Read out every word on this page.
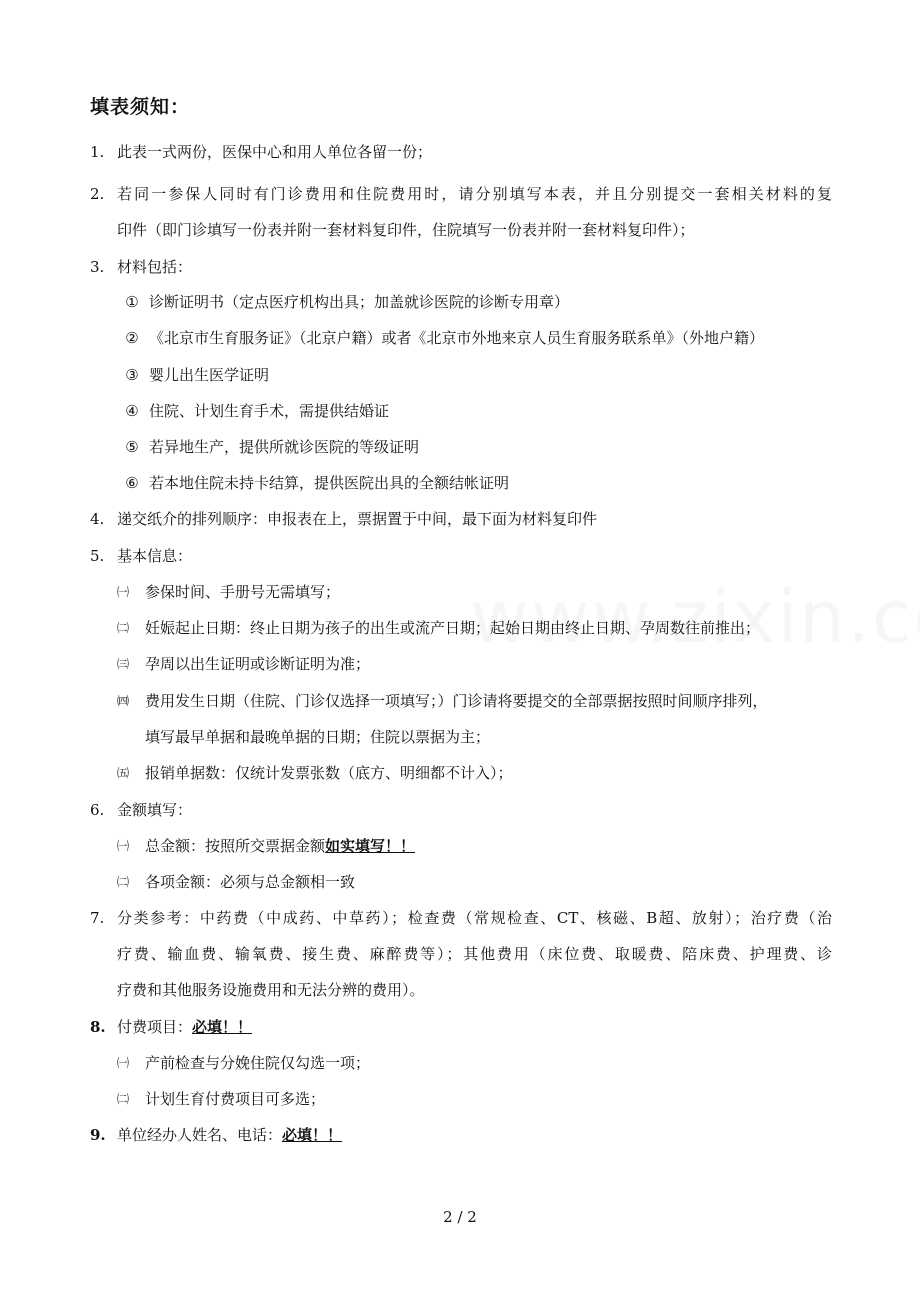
填表须知：
1. 此表一式两份，医保中心和用人单位各留一份；
2. 若同一参保人同时有门诊费用和住院费用时，请分别填写本表，并且分别提交一套相关材料的复
印件（即门诊填写一份表并附一套材料复印件，住院填写一份表并附一套材料复印件）；
3. 材料包括：
① 诊断证明书（定点医疗机构出具；加盖就诊医院的诊断专用章）
② 《北京市生育服务证》（北京户籍）或者《北京市外地来京人员生育服务联系单》（外地户籍）
③ 婴儿出生医学证明
④ 住院、计划生育手术，需提供结婚证
⑤ 若异地生产，提供所就诊医院的等级证明
⑥ 若本地住院未持卡结算，提供医院出具的全额结帐证明
4. 递交纸介的排列顺序：申报表在上，票据置于中间，最下面为材料复印件
5. 基本信息：
㈠	参保时间、手册号无需填写；
㈡	妊娠起止日期：终止日期为孩子的出生或流产日期；起始日期由终止日期、孕周数往前推出；
㈢	孕周以出生证明或诊断证明为准；
㈣	费用发生日期（住院、门诊仅选择一项填写；）门诊请将要提交的全部票据按照时间顺序排列，
填写最早单据和最晚单据的日期；住院以票据为主；
㈤	报销单据数：仅统计发票张数（底方、明细都不计入）；
6. 金额填写：
㈠	总金额：按照所交票据金额如实填写！！
㈡	各项金额：必须与总金额相一致
7. 分类参考：中药费（中成药、中草药）；检查费（常规检查、CT、核磁、B超、放射）；治疗费（治
疗费、输血费、输氧费、接生费、麻醉费等）；其他费用（床位费、取暖费、陪床费、护理费、诊
疗费和其他服务设施费用和无法分辨的费用）。
8. 付费项目：必填！！
㈠	产前检查与分娩住院仅勾选一项；
㈡	计划生育付费项目可多选；
9. 单位经办人姓名、电话：必填！！
2 / 2
